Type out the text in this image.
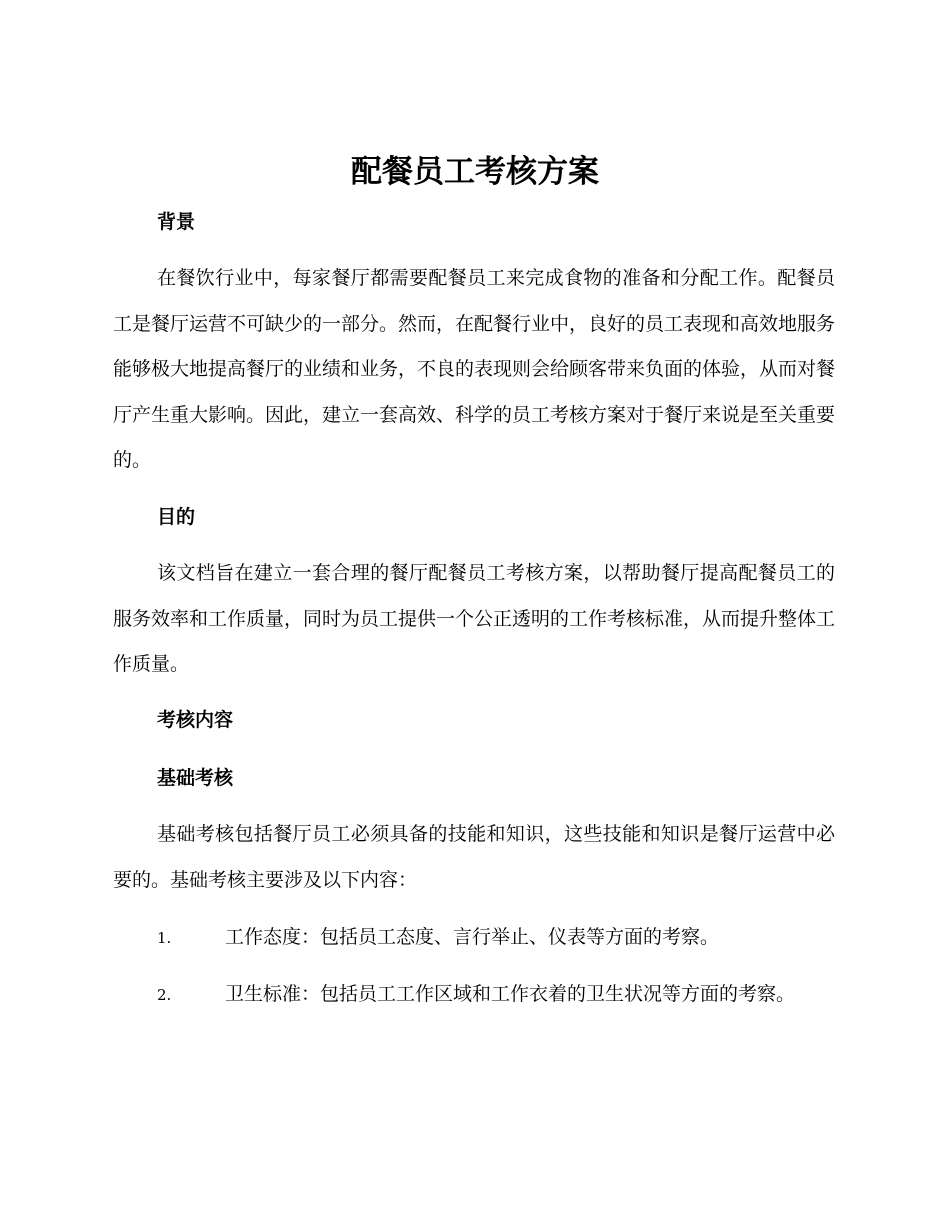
配餐员工考核方案
背景

在餐饮行业中，每家餐厅都需要配餐员工来完成食物的准备和分配工作。配餐员工是餐厅运营不可缺少的一部分。然而，在配餐行业中，良好的员工表现和高效地服务能够极大地提高餐厅的业绩和业务，不良的表现则会给顾客带来负面的体验，从而对餐厅产生重大影响。因此，建立一套高效、科学的员工考核方案对于餐厅来说是至关重要的。

目的

该文档旨在建立一套合理的餐厅配餐员工考核方案，以帮助餐厅提高配餐员工的服务效率和工作质量，同时为员工提供一个公正透明的工作考核标准，从而提升整体工作质量。

考核内容
基础考核

基础考核包括餐厅员工必须具备的技能和知识，这些技能和知识是餐厅运营中必要的。基础考核主要涉及以下内容：

1.	工作态度：包括员工态度、言行举止、仪表等方面的考察。

2.	卫生标准：包括员工工作区域和工作衣着的卫生状况等方面的考察。
